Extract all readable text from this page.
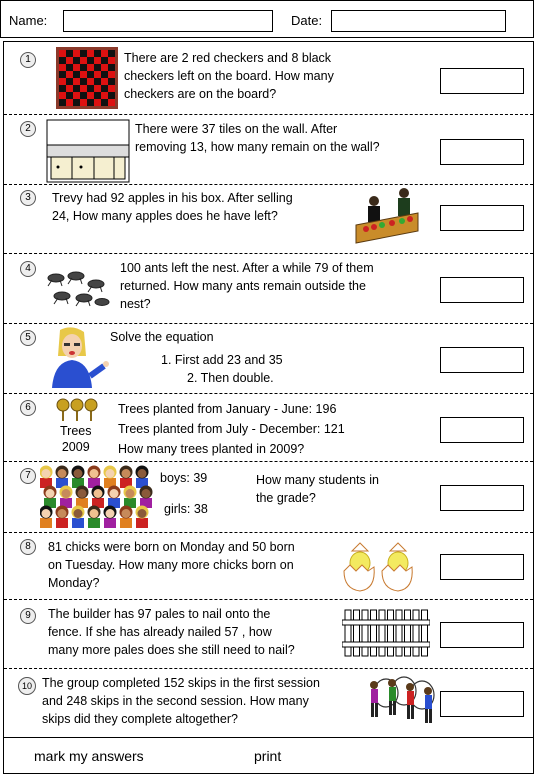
Name:	Date:
1	There are 2 red checkers and 8 black
checkers left on the board. How many
checkers are on the board?
2	There were 37 tiles on the wall. After
removing 13, how many remain on the wall?
3	Trevy had 92 apples in his box. After selling
24, How many apples does he have left?
4	100 ants left the nest. After a while 79 of them
returned. How many ants remain outside the
nest?
5	Solve the equation
1. First add 23 and 35
2. Then double.
6
Trees
2009
Trees planted from January - June: 196
Trees planted from July - December: 121
How many trees planted in 2009?
7	boys: 39
girls: 38
How many students in
the grade?
8	81 chicks were born on Monday and 50 born
on Tuesday. How many more chicks born on
Monday?
9	The builder has 97 pales to nail onto the
fence. If she has already nailed 57 , how
many more pales does she still need to nail?
10 The group completed 152 skips in the first session
and 248 skips in the second session. How many
skips did they complete altogether?
mark my answers	print
